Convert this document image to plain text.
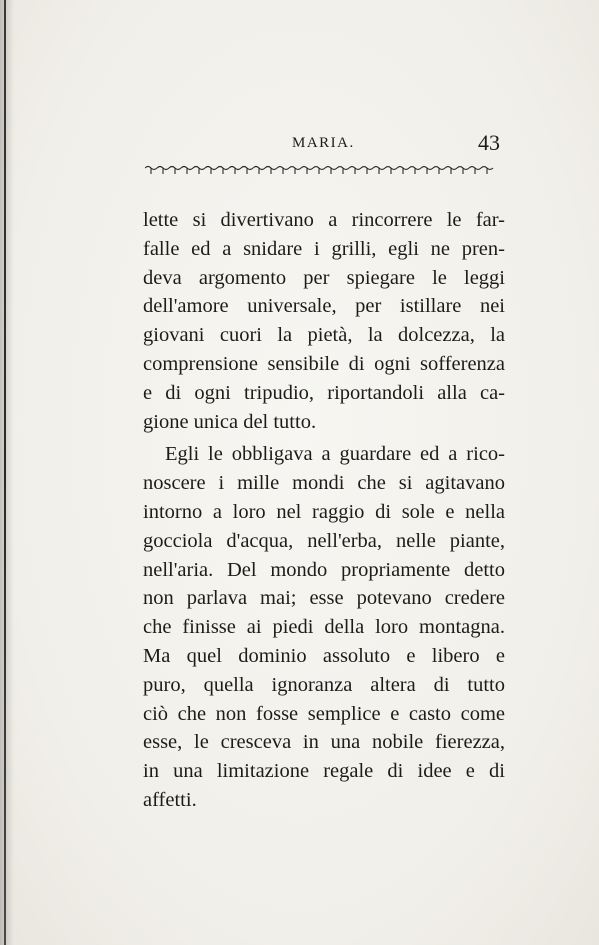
MARIA.	43
lette si divertivano a rincorrere le far-
falle ed a snidare i grilli, egli ne pren-
deva argomento per spiegare le leggi
dell'amore universale, per istillare nei
giovani cuori la pietà, la dolcezza, la
comprensione sensibile di ogni sofferenza
e di ogni tripudio, riportandoli alla ca-
gione unica del tutto.
Egli le obbligava a guardare ed a rico-
noscere i mille mondi che si agitavano
intorno a loro nel raggio di sole e nella
gocciola d'acqua, nell'erba, nelle piante,
nell'aria. Del mondo propriamente detto
non parlava mai; esse potevano credere
che finisse ai piedi della loro montagna.
Ma quel dominio assoluto e libero e
puro, quella ignoranza altera di tutto
ciò che non fosse semplice e casto come
esse, le cresceva in una nobile fierezza,
in una limitazione regale di idee e di
affetti.
